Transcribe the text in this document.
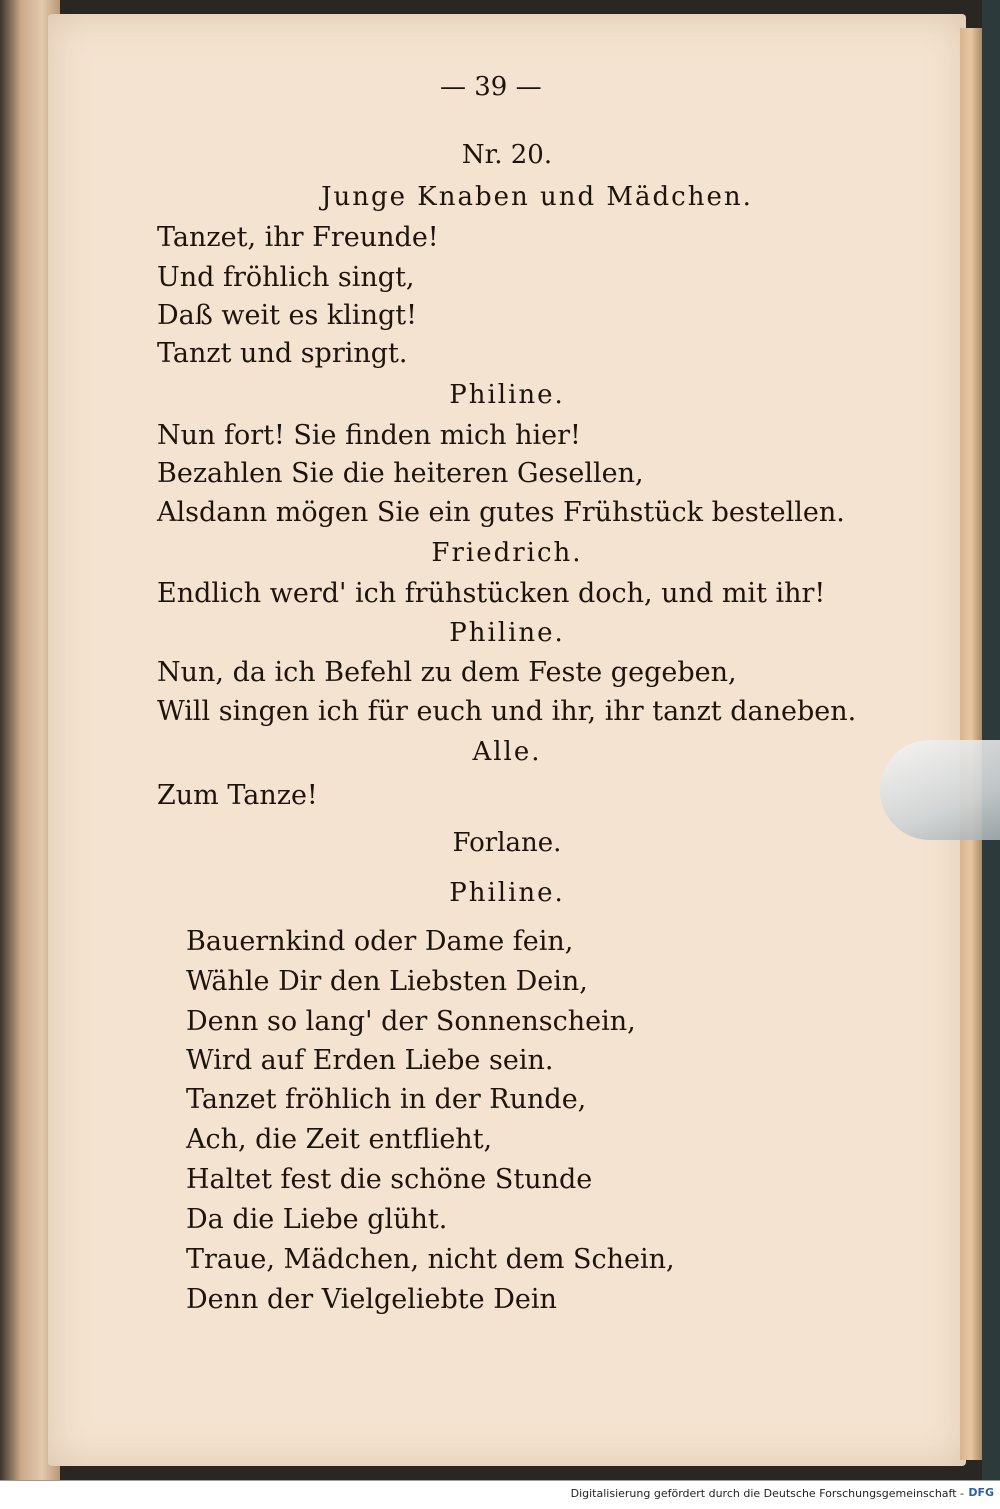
— 39 —
Nr. 20.
Junge Knaben und Mädchen.
Tanzet, ihr Freunde!
Und fröhlich singt,
Daß weit es klingt!
Tanzt und springt.
Philine.
Nun fort! Sie finden mich hier!
Bezahlen Sie die heiteren Gesellen,
Alsdann mögen Sie ein gutes Frühstück bestellen.
Friedrich.
Endlich werd' ich frühstücken doch, und mit ihr!
Philine.
Nun, da ich Befehl zu dem Feste gegeben,
Will singen ich für euch und ihr, ihr tanzt daneben.
Alle.
Zum Tanze!
Forlane.
Philine.
Bauernkind oder Dame fein,
Wähle Dir den Liebsten Dein,
Denn so lang' der Sonnenschein,
Wird auf Erden Liebe sein.
Tanzet fröhlich in der Runde,
Ach, die Zeit entflieht,
Haltet fest die schöne Stunde
Da die Liebe glüht.
Traue, Mädchen, nicht dem Schein,
Denn der Vielgeliebte Dein
Digitalisierung gefördert durch die Deutsche Forschungsgemeinschaft - DFG
